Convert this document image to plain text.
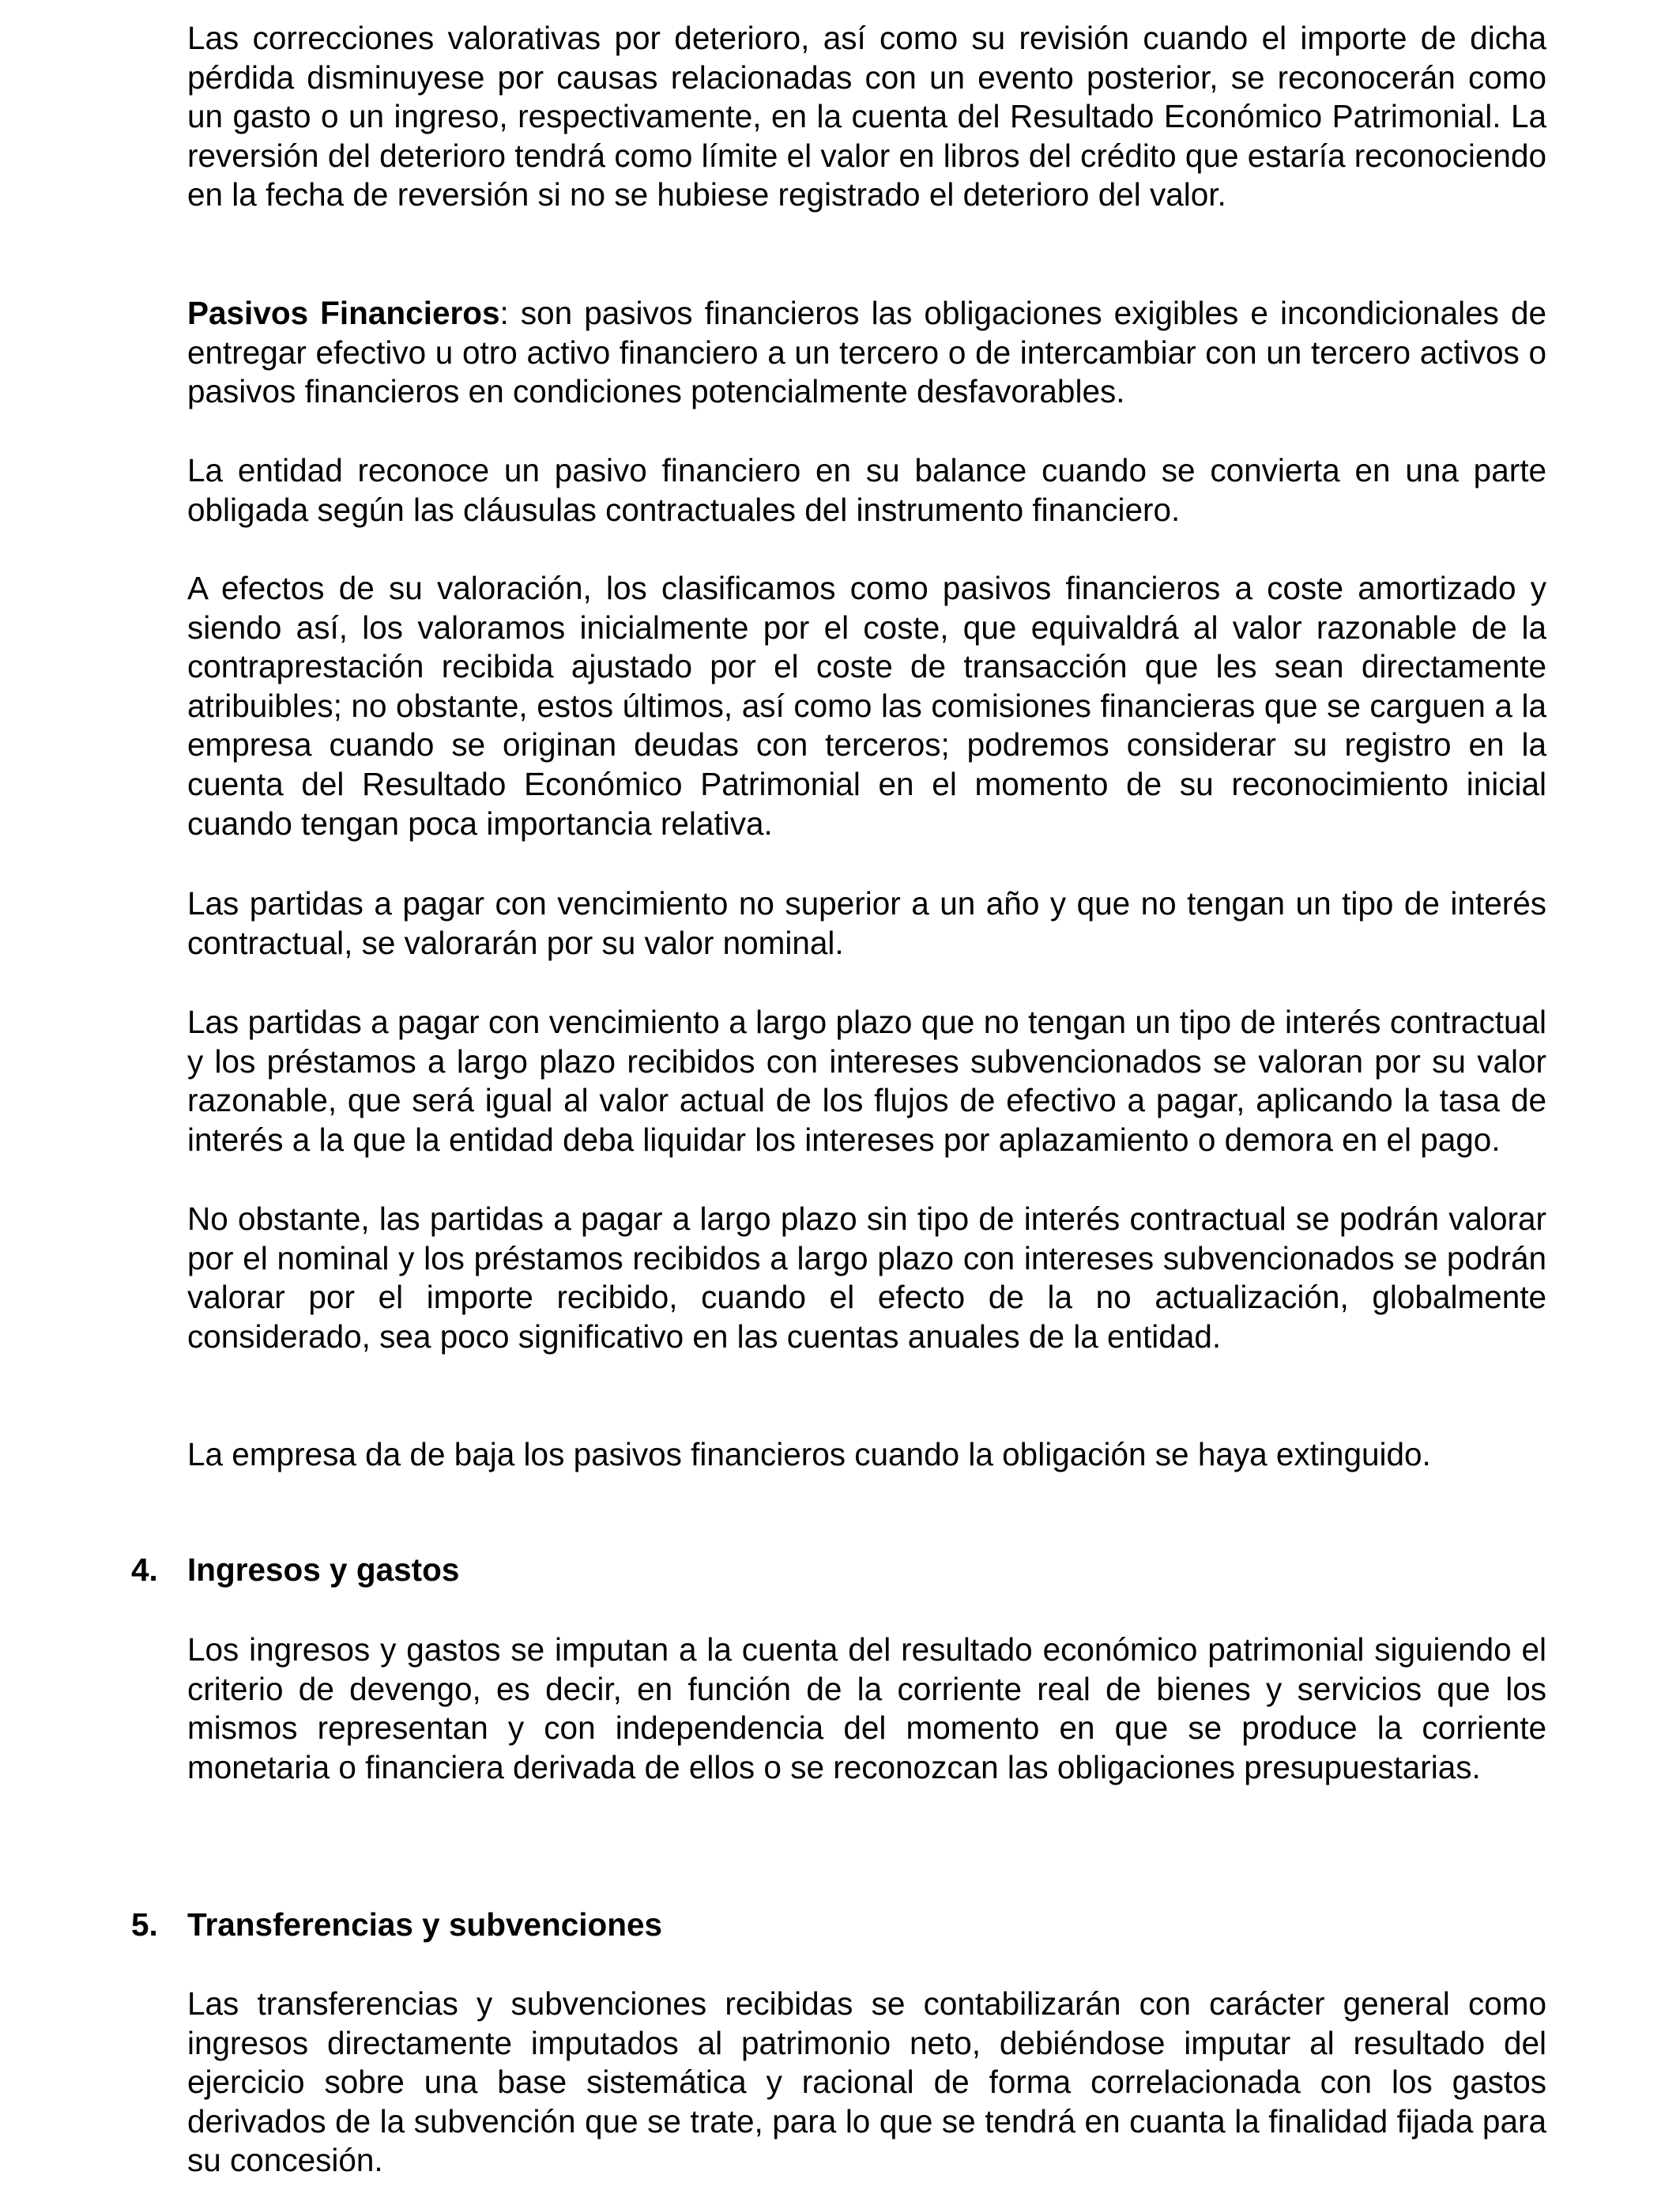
Las correcciones valorativas por deterioro, así como su revisión cuando el importe de dicha pérdida disminuyese por causas relacionadas con un evento posterior, se reconocerán como un gasto o un ingreso, respectivamente, en la cuenta del Resultado Económico Patrimonial. La reversión del deterioro tendrá como límite el valor en libros del crédito que estaría reconociendo en la fecha de reversión si no se hubiese registrado el deterioro del valor.

Pasivos Financieros: son pasivos financieros las obligaciones exigibles e incondicionales de entregar efectivo u otro activo financiero a un tercero o de intercambiar con un tercero activos o pasivos financieros en condiciones potencialmente desfavorables.

La entidad reconoce un pasivo financiero en su balance cuando se convierta en una parte obligada según las cláusulas contractuales del instrumento financiero.

A efectos de su valoración, los clasificamos como pasivos financieros a coste amortizado y siendo así, los valoramos inicialmente por el coste, que equivaldrá al valor razonable de la contraprestación recibida ajustado por el coste de transacción que les sean directamente atribuibles; no obstante, estos últimos, así como las comisiones financieras que se carguen a la empresa cuando se originan deudas con terceros; podremos considerar su registro en la cuenta del Resultado Económico Patrimonial en el momento de su reconocimiento inicial cuando tengan poca importancia relativa.

Las partidas a pagar con vencimiento no superior a un año y que no tengan un tipo de interés contractual, se valorarán por su valor nominal.

Las partidas a pagar con vencimiento a largo plazo que no tengan un tipo de interés contractual y los préstamos a largo plazo recibidos con intereses subvencionados se valoran por su valor razonable, que será igual al valor actual de los flujos de efectivo a pagar, aplicando la tasa de interés a la que la entidad deba liquidar los intereses por aplazamiento o demora en el pago.

No obstante, las partidas a pagar a largo plazo sin tipo de interés contractual se podrán valorar por el nominal y los préstamos recibidos a largo plazo con intereses subvencionados se podrán valorar por el importe recibido, cuando el efecto de la no actualización, globalmente considerado, sea poco significativo en las cuentas anuales de la entidad.

La empresa da de baja los pasivos financieros cuando la obligación se haya extinguido.

4. Ingresos y gastos

Los ingresos y gastos se imputan a la cuenta del resultado económico patrimonial siguiendo el criterio de devengo, es decir, en función de la corriente real de bienes y servicios que los mismos representan y con independencia del momento en que se produce la corriente monetaria o financiera derivada de ellos o se reconozcan las obligaciones presupuestarias.

5. Transferencias y subvenciones

Las transferencias y subvenciones recibidas se contabilizarán con carácter general como ingresos directamente imputados al patrimonio neto, debiéndose imputar al resultado del ejercicio sobre una base sistemática y racional de forma correlacionada con los gastos derivados de la subvención que se trate, para lo que se tendrá en cuanta la finalidad fijada para su concesión.
